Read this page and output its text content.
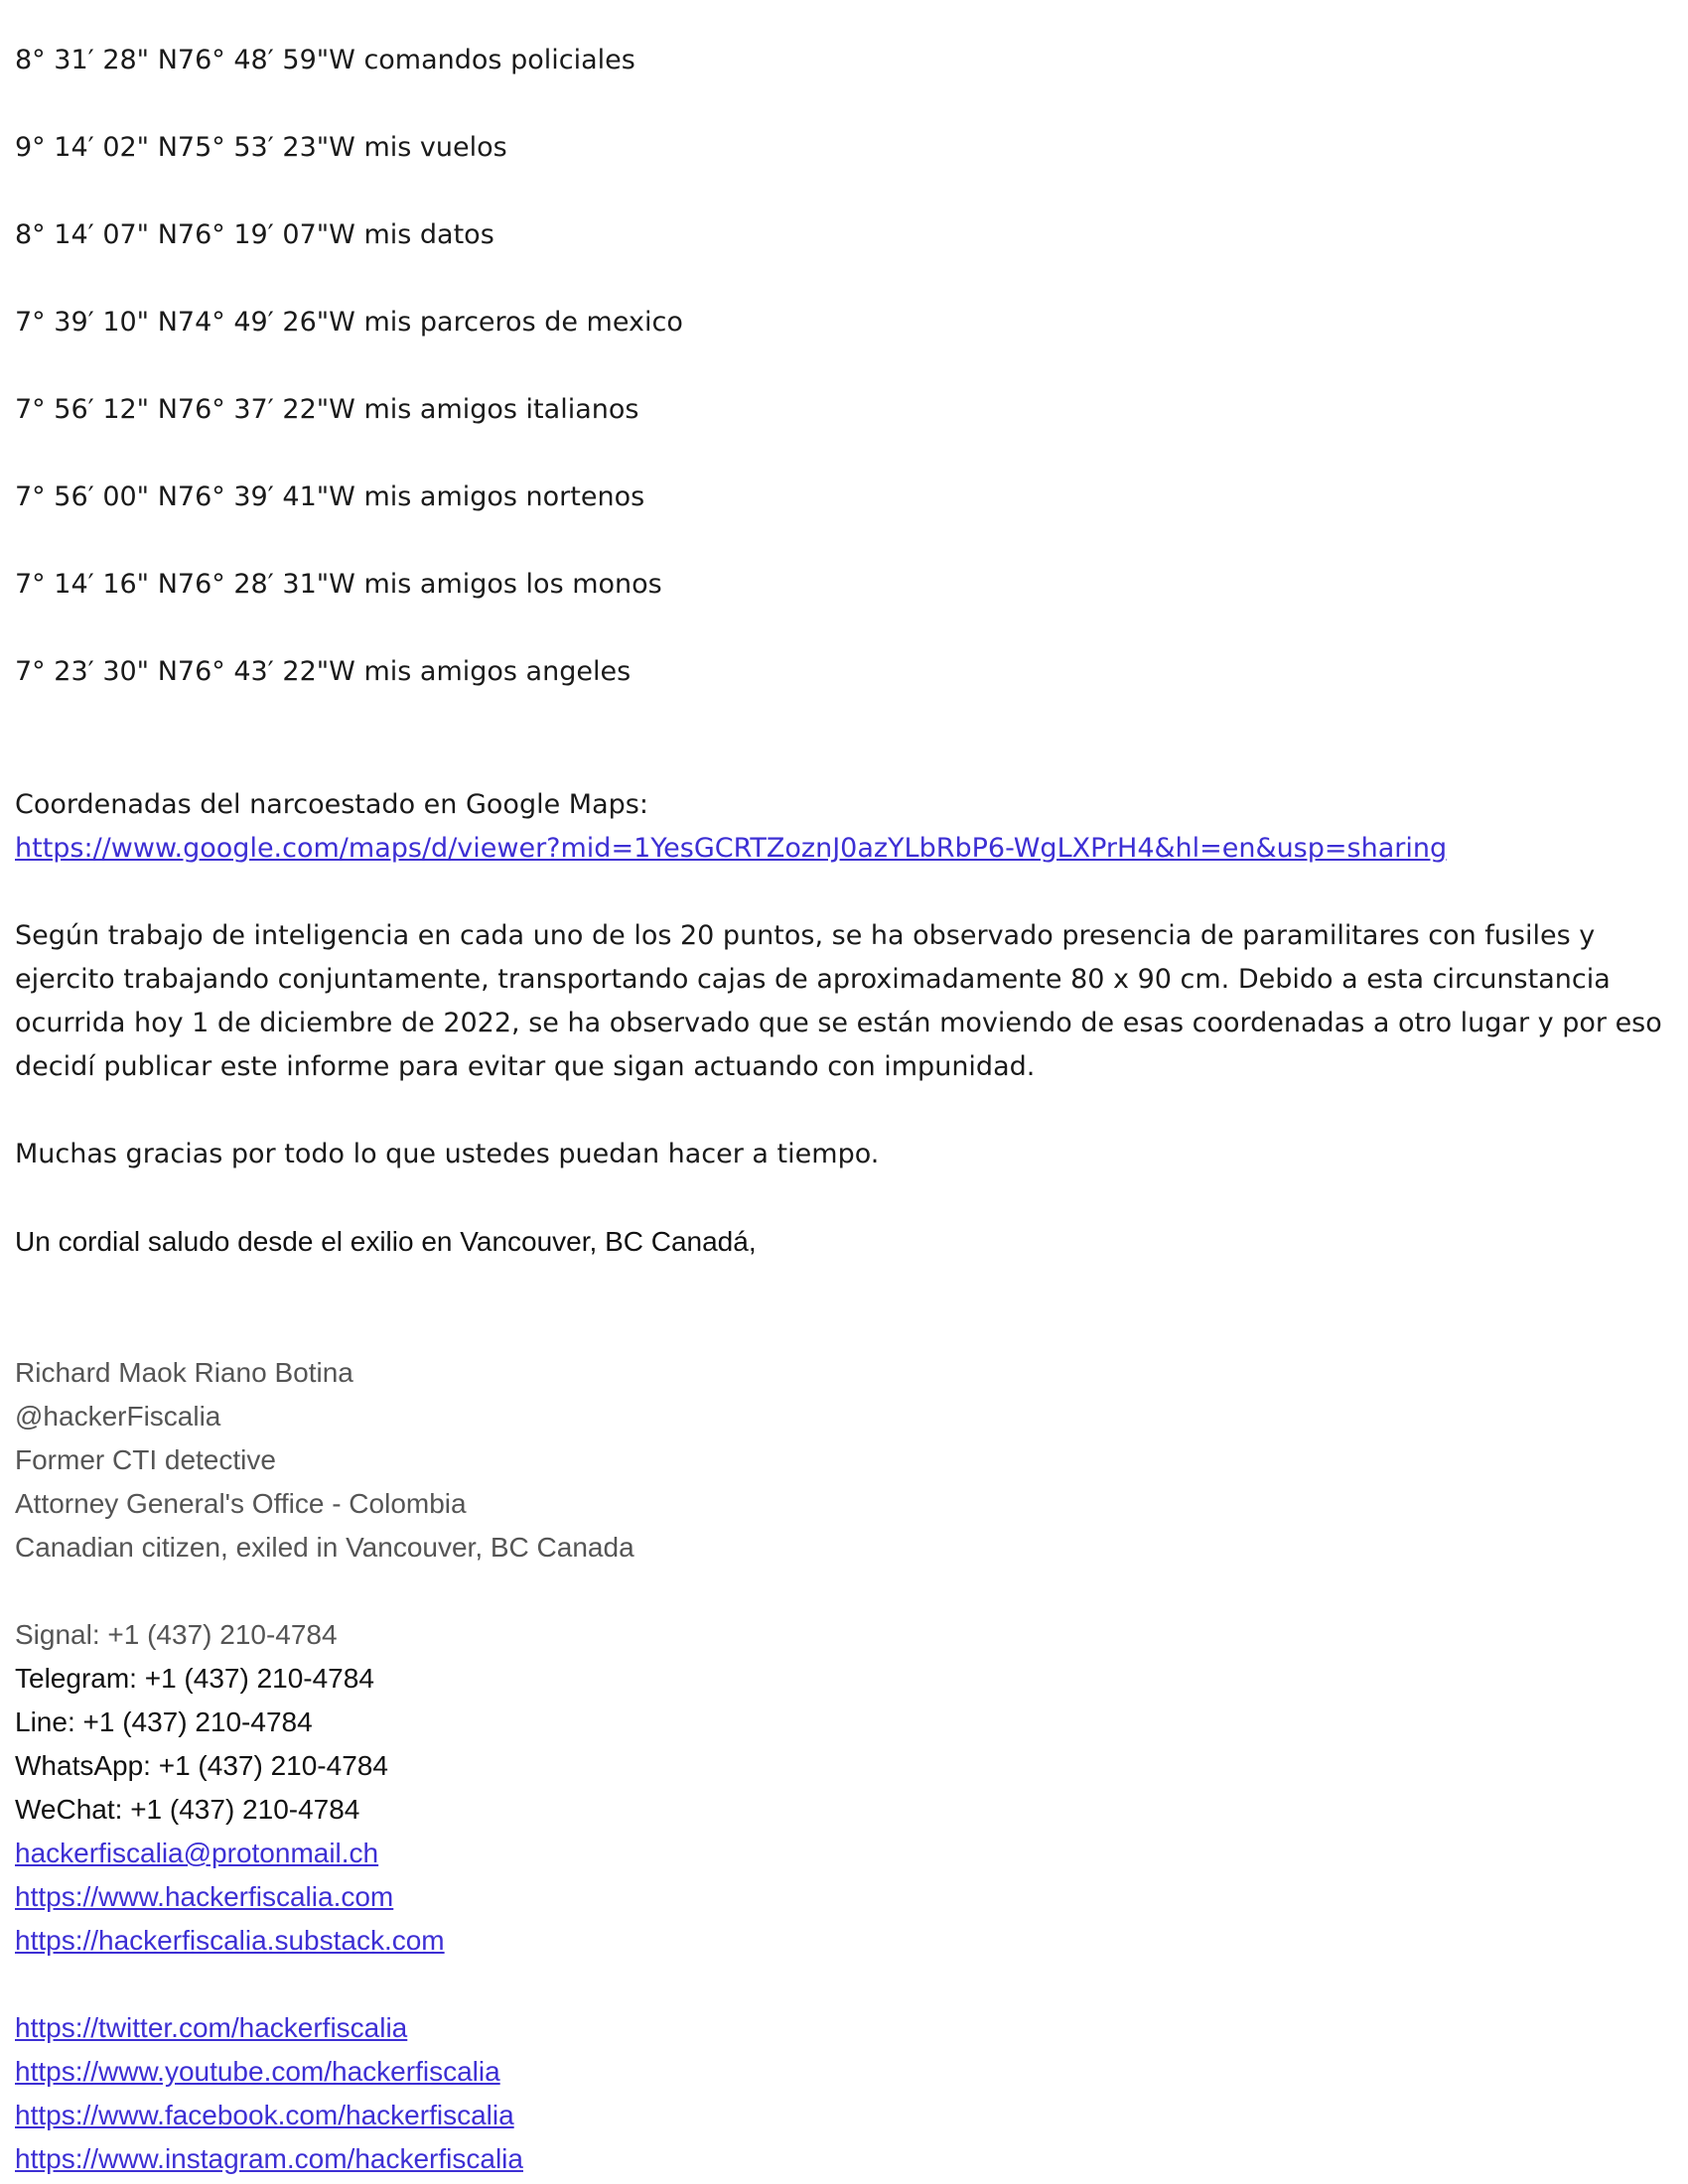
8° 31′ 28" N76° 48′ 59"W comandos policiales
9° 14′ 02" N75° 53′ 23"W mis vuelos
8° 14′ 07" N76° 19′ 07"W mis datos
7° 39′ 10" N74° 49′ 26"W mis parceros de mexico
7° 56′ 12" N76° 37′ 22"W mis amigos italianos
7° 56′ 00" N76° 39′ 41"W mis amigos nortenos
7° 14′ 16" N76° 28′ 31"W mis amigos los monos
7° 23′ 30" N76° 43′ 22"W mis amigos angeles
Coordenadas del narcoestado en Google Maps:
https://www.google.com/maps/d/viewer?mid=1YesGCRTZoznJ0azYLbRbP6-WgLXPrH4&hl=en&usp=sharing
Según trabajo de inteligencia en cada uno de los 20 puntos, se ha observado presencia de paramilitares con fusiles y ejercito trabajando conjuntamente, transportando cajas de aproximadamente 80 x 90 cm. Debido a esta circunstancia ocurrida hoy 1 de diciembre de 2022, se ha observado que se están moviendo de esas coordenadas a otro lugar y por eso decidí publicar este informe para evitar que sigan actuando con impunidad.
Muchas gracias por todo lo que ustedes puedan hacer a tiempo.
Un cordial saludo desde el exilio en Vancouver, BC Canadá,
Richard Maok Riano Botina
@hackerFiscalia
Former CTI detective
Attorney General's Office - Colombia
Canadian citizen, exiled in Vancouver, BC Canada
Signal: +1 (437) 210-4784
Telegram: +1 (437) 210-4784
Line: +1 (437) 210-4784
WhatsApp: +1 (437) 210-4784
WeChat: +1 (437) 210-4784
hackerfiscalia@protonmail.ch
https://www.hackerfiscalia.com
https://hackerfiscalia.substack.com
https://twitter.com/hackerfiscalia
https://www.youtube.com/hackerfiscalia
https://www.facebook.com/hackerfiscalia
https://www.instagram.com/hackerfiscalia
